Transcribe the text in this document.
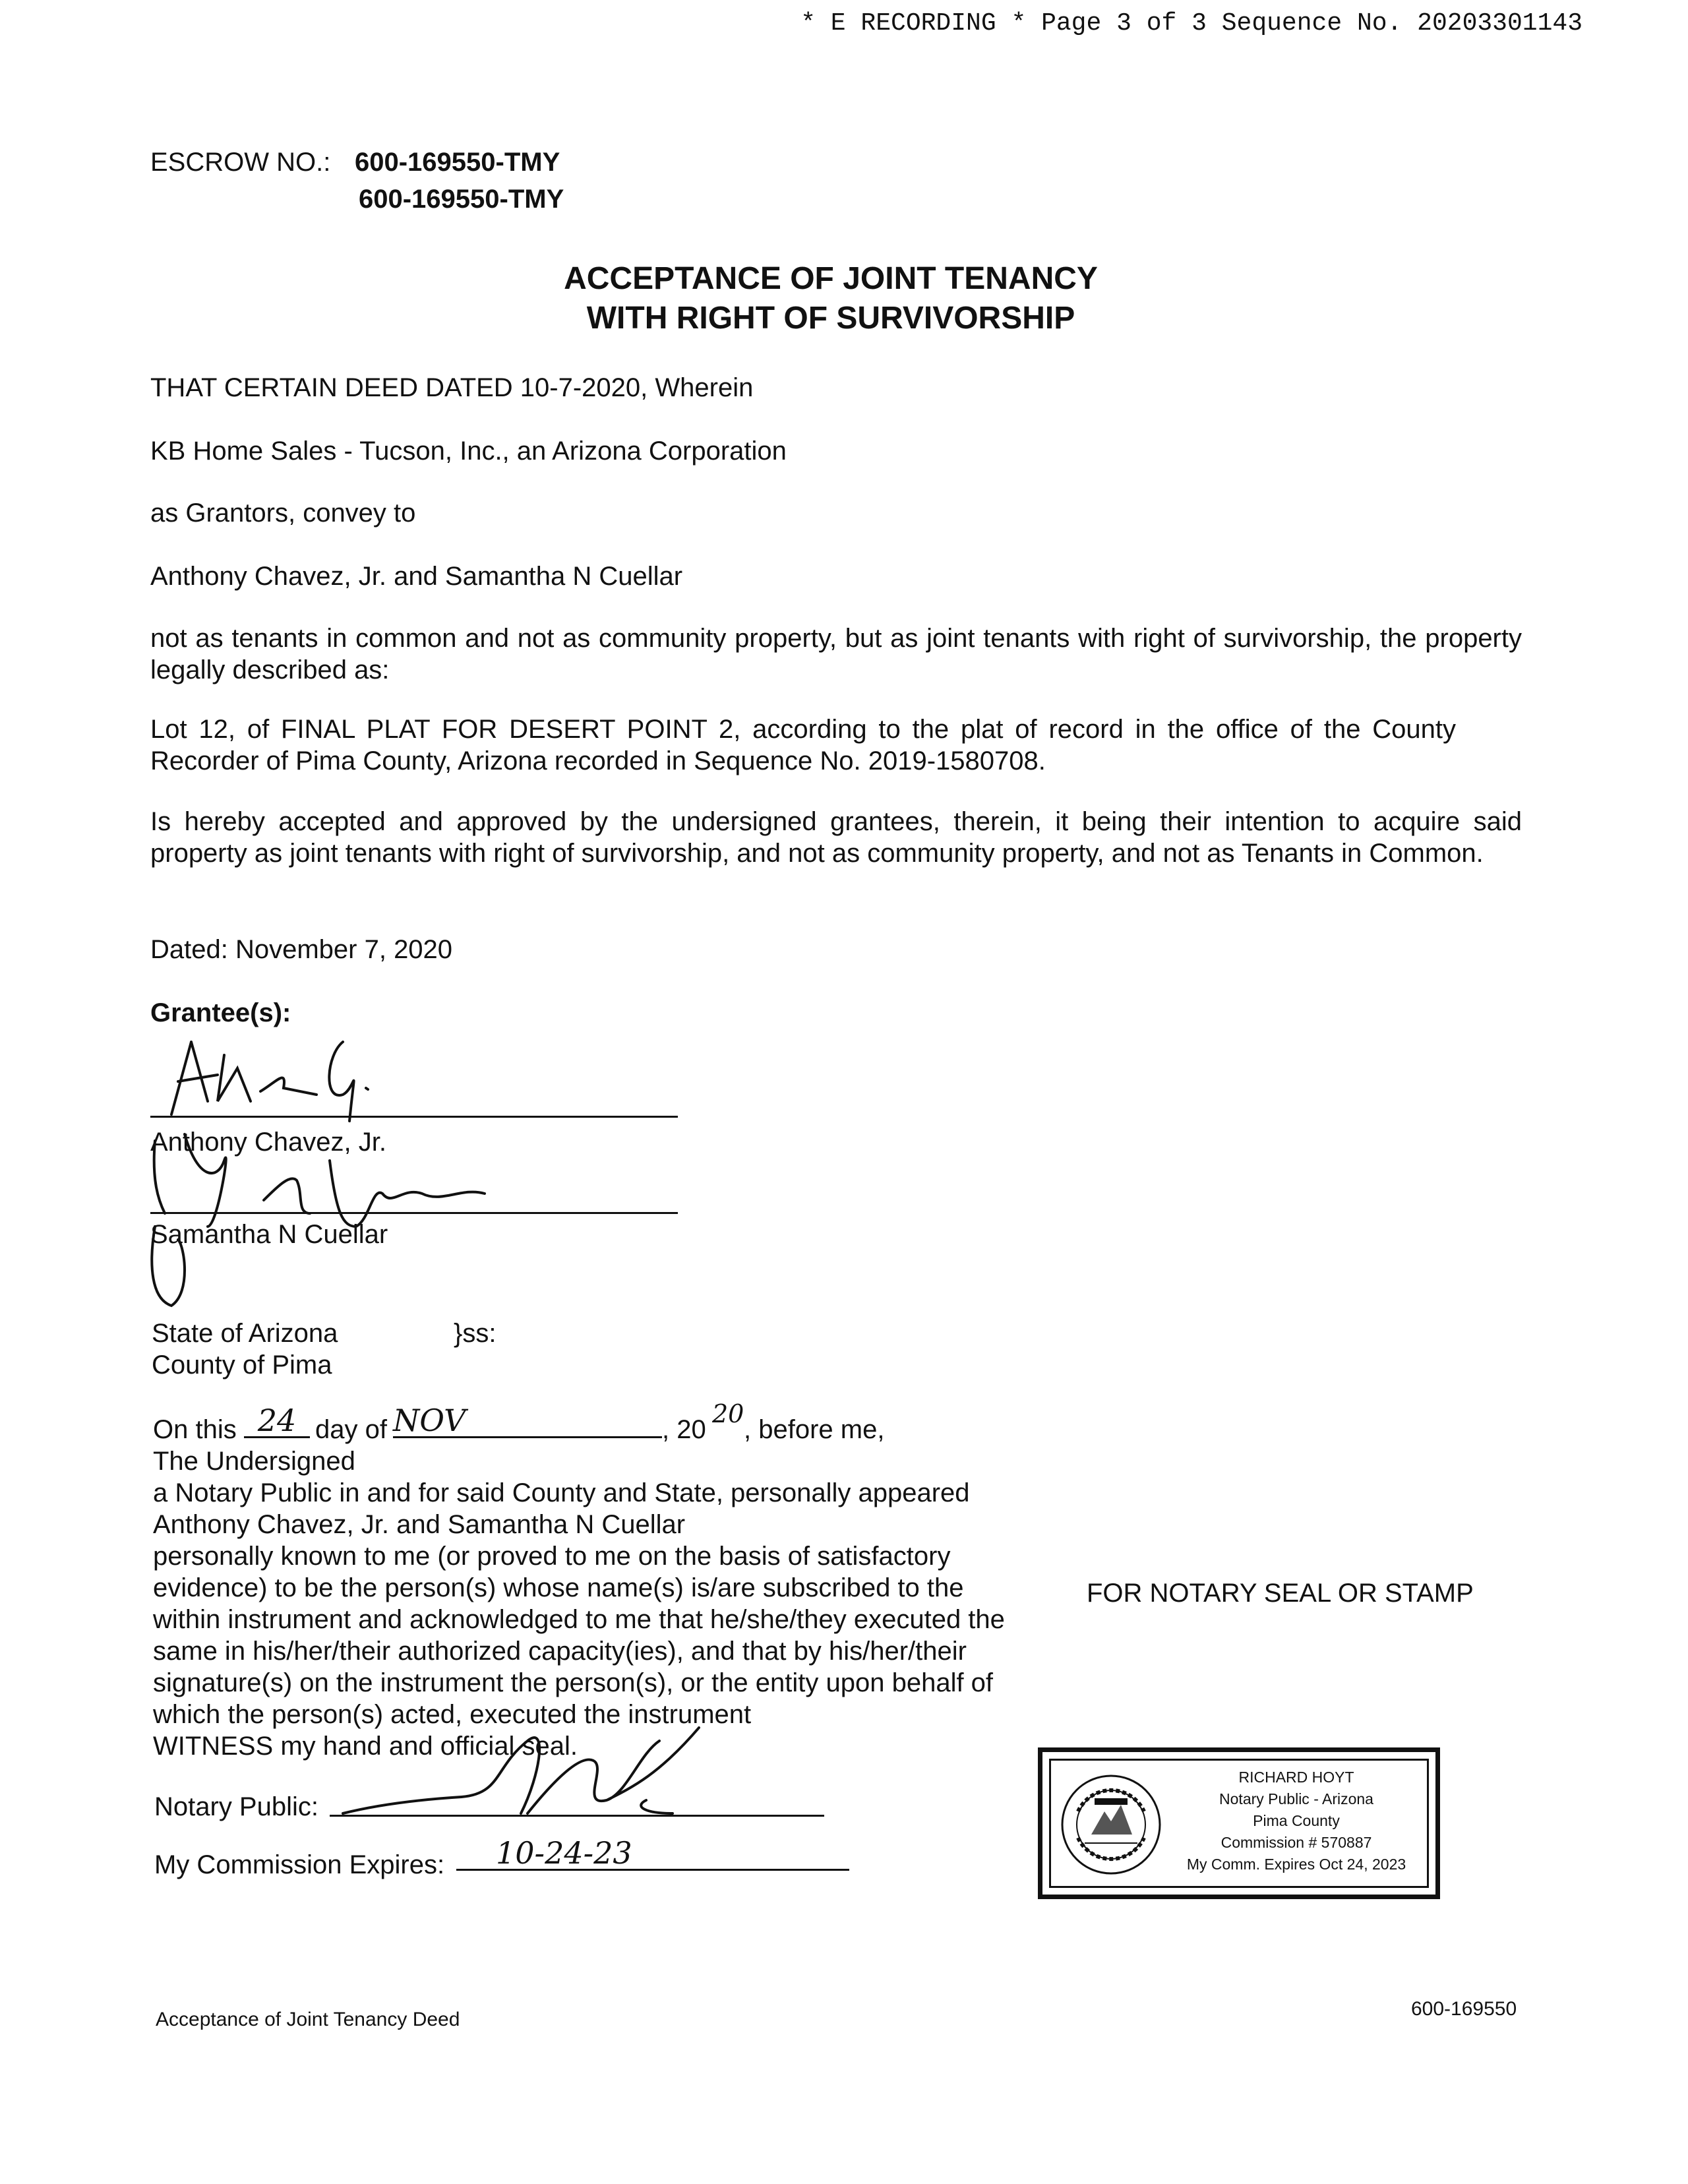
* E RECORDING * Page 3 of 3 Sequence No. 20203301143
ESCROW NO.: 600-169550-TMY
600-169550-TMY
ACCEPTANCE OF JOINT TENANCY
WITH RIGHT OF SURVIVORSHIP
THAT CERTAIN DEED DATED 10-7-2020, Wherein
KB Home Sales - Tucson, Inc., an Arizona Corporation
as Grantors, convey to
Anthony Chavez, Jr. and Samantha N Cuellar
not as tenants in common and not as community property, but as joint tenants with right of survivorship, the property legally described as:
Lot 12, of FINAL PLAT FOR DESERT POINT 2, according to the plat of record in the office of the County Recorder of Pima County, Arizona recorded in Sequence No. 2019-1580708.
Is hereby accepted and approved by the undersigned grantees, therein, it being their intention to acquire said property as joint tenants with right of survivorship, and not as community property, and not as Tenants in Common.
Dated: November 7, 2020
Grantee(s):
Anthony Chavez, Jr.
Samantha N Cuellar
State of Arizona	}ss:
County of Pima
On this 24 day of NOV	, 20
20
, before me,
The Undersigned
a Notary Public in and for said County and State, personally appeared
Anthony Chavez, Jr. and Samantha N Cuellar
personally known to me (or proved to me on the basis of satisfactory
evidence) to be the person(s) whose name(s) is/are subscribed to the
within instrument and acknowledged to me that he/she/they executed the
same in his/her/their authorized capacity(ies), and that by his/her/their
signature(s) on the instrument the person(s), or the entity upon behalf of
which the person(s) acted, executed the instrument
WITNESS my hand and official seal.
FOR NOTARY SEAL OR STAMP
Notary Public:
My Commission Expires:	10-24-23
RICHARD HOYT
Notary Public - Arizona
Pima County
Commission # 570887
My Comm. Expires Oct 24, 2023
Acceptance of Joint Tenancy Deed	600-169550
